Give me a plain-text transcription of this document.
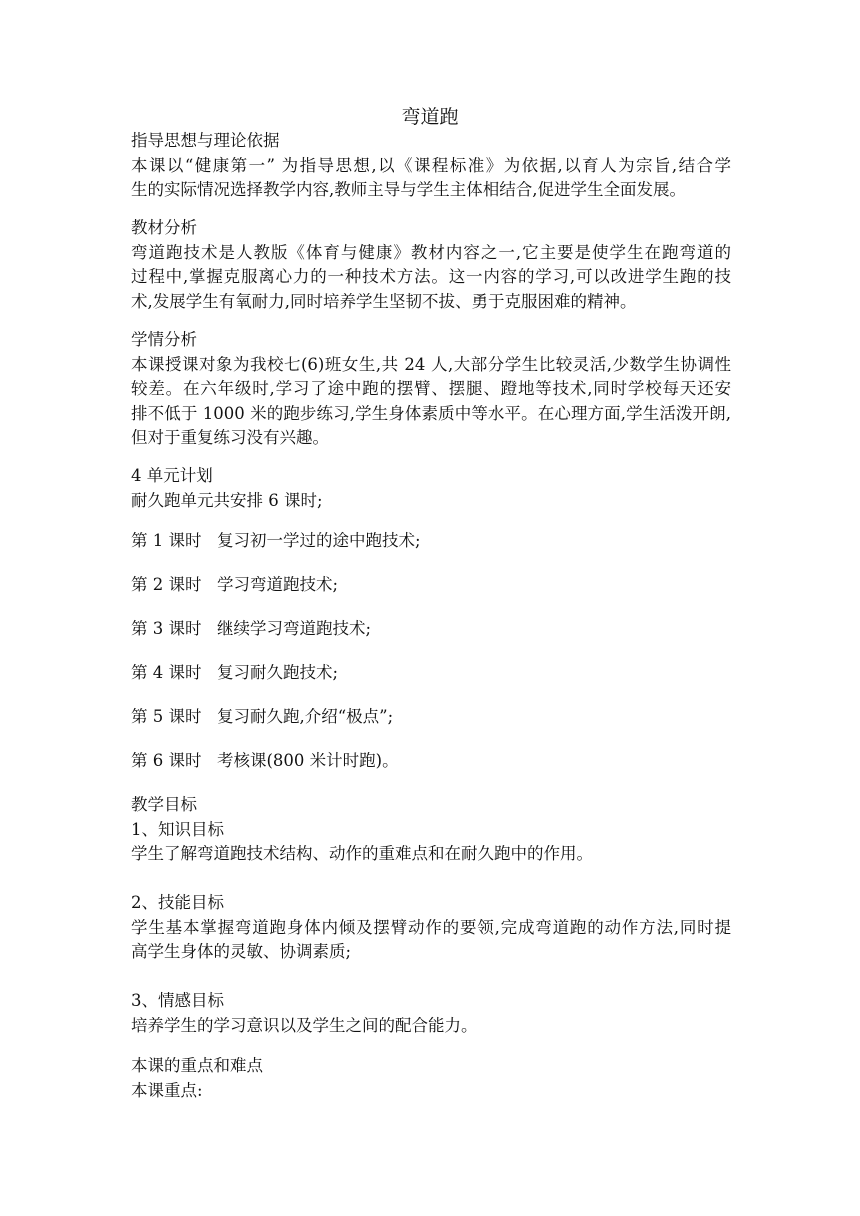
弯道跑
指导思想与理论依据
本课以“健康第一” 为指导思想,以《课程标准》为依据,以育人为宗旨,结合学
生的实际情况选择教学内容,教师主导与学生主体相结合,促进学生全面发展。
教材分析
弯道跑技术是人教版《体育与健康》教材内容之一,它主要是使学生在跑弯道的
过程中,掌握克服离心力的一种技术方法。这一内容的学习,可以改进学生跑的技
术,发展学生有氧耐力,同时培养学生坚韧不拔、勇于克服困难的精神。
学情分析
本课授课对象为我校七(6)班女生,共 24 人,大部分学生比较灵活,少数学生协调性
较差。在六年级时,学习了途中跑的摆臂、摆腿、蹬地等技术,同时学校每天还安
排不低于 1000 米的跑步练习,学生身体素质中等水平。在心理方面,学生活泼开朗,
但对于重复练习没有兴趣。
4 单元计划
耐久跑单元共安排 6 课时;
第 1 课时 复习初一学过的途中跑技术;
第 2 课时 学习弯道跑技术;
第 3 课时 继续学习弯道跑技术;
第 4 课时 复习耐久跑技术;
第 5 课时 复习耐久跑,介绍“极点”;
第 6 课时 考核课(800 米计时跑)。
教学目标
1、知识目标
学生了解弯道跑技术结构、动作的重难点和在耐久跑中的作用。
2、技能目标
学生基本掌握弯道跑身体内倾及摆臂动作的要领,完成弯道跑的动作方法,同时提
高学生身体的灵敏、协调素质;
3、情感目标
培养学生的学习意识以及学生之间的配合能力。
本课的重点和难点
本课重点:
